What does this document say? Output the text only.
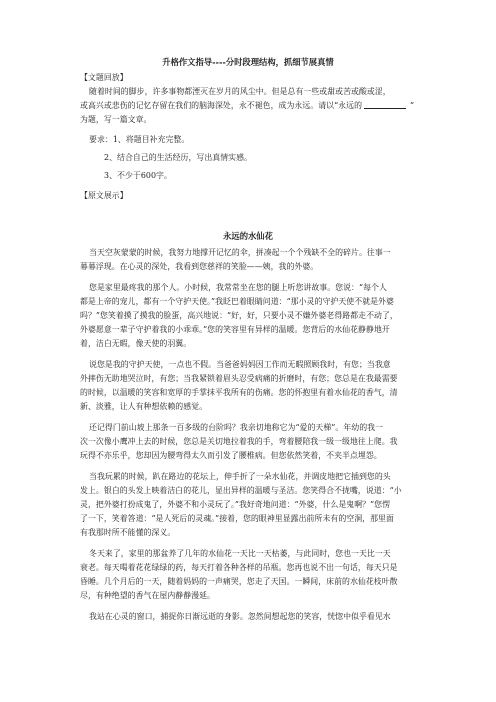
升格作文指导----分时段理结构，抓细节展真情
【文题回放】
随着时间的脚步，许多事物都湮灭在岁月的风尘中。但是总有一些或甜或苦或酸或涩，
或高兴或悲伤的记忆存留在我们的脑海深处，永不褪色，成为永远。请以“永远的	”
为题，写一篇文章。
要求：1、将题目补充完整。
2、结合自己的生活经历，写出真情实感。
3、不少于600字。
【原文展示】
永远的水仙花
当天空灰蒙蒙的时候，我努力地撑开记忆的伞，拼凑起一个个残缺不全的碎片。往事一
幕幕浮现。在心灵的深处，我看到您慈祥的笑脸——姨，我的外婆。
您是家里最疼我的那个人。小时候，我常常坐在您的腿上听您讲故事。您说：“每个人
都是上帝的宠儿，都有一个守护天使。”我眨巴着眼睛问道：“那小灵的守护天使不就是外婆
吗？”您笑着摸了摸我的脸蛋，高兴地说：“好，好，只要小灵不嫌外婆老得路都走不动了，
外婆愿意一辈子守护着我的小乖乖。”您的笑容里有异样的温暖。您背后的水仙花静静地开
着，洁白无暇，像天使的羽翼。
说您是我的守护天使，一点也不假。当爸爸妈妈因工作而无暇照顾我时，有您；当我意
外摔伤无助地哭泣时，有您；当我紧锁着眉头忍受病痛的折磨时，有您；您总是在我最需要
的时候，以温暖的笑容和宽厚的手掌抹平我所有的伤痛。您的怀抱里有着水仙花的香气，清
新、淡雅，让人有种想依赖的感觉。
还记得门前山坡上那条一百多级的台阶吗？我亲切地称它为“爱的天梯”。年幼的我一
次一次像小鹰冲上去的时候，您总是关切地拉着我的手，弯着腰陪我一级一级地往上爬。我
玩得不亦乐乎，您却因为腰弯得太久而引发了腰椎病。但您依然笑着，不夹半点埋怨。
当我玩累的时候，趴在路边的花坛上，伸手折了一朵水仙花，并调皮地把它插到您的头
发上。银白的头发上映着洁白的花儿，显出异样的温暖与圣洁。您笑得合不拢嘴，说道：“小
灵，把外婆打扮成鬼了，外婆不和小灵玩了。”我好奇地问道：“外婆，什么是鬼啊？”您愣
了一下，笑着答道：“是人死后的灵魂。”接着，您的眼神里显露出前所未有的空洞，那里面
有我那时所不能懂的深义。
冬天来了，家里的那盆养了几年的水仙花一天比一天枯萎，与此同时，您也一天比一天
衰老。每天喝着花花绿绿的药，每天打着各种各样的吊瓶。您再也说不出一句话，每天只是
昏睡。几个月后的一天，随着妈妈的一声痛哭，您走了天国。一瞬间，床前的水仙花枝叶散
尽，有种绝望的香气在屋内静静漫延。
我站在心灵的窗口，捕捉你日渐远逝的身影。忽然间想起您的笑容，恍惚中似乎看见水
